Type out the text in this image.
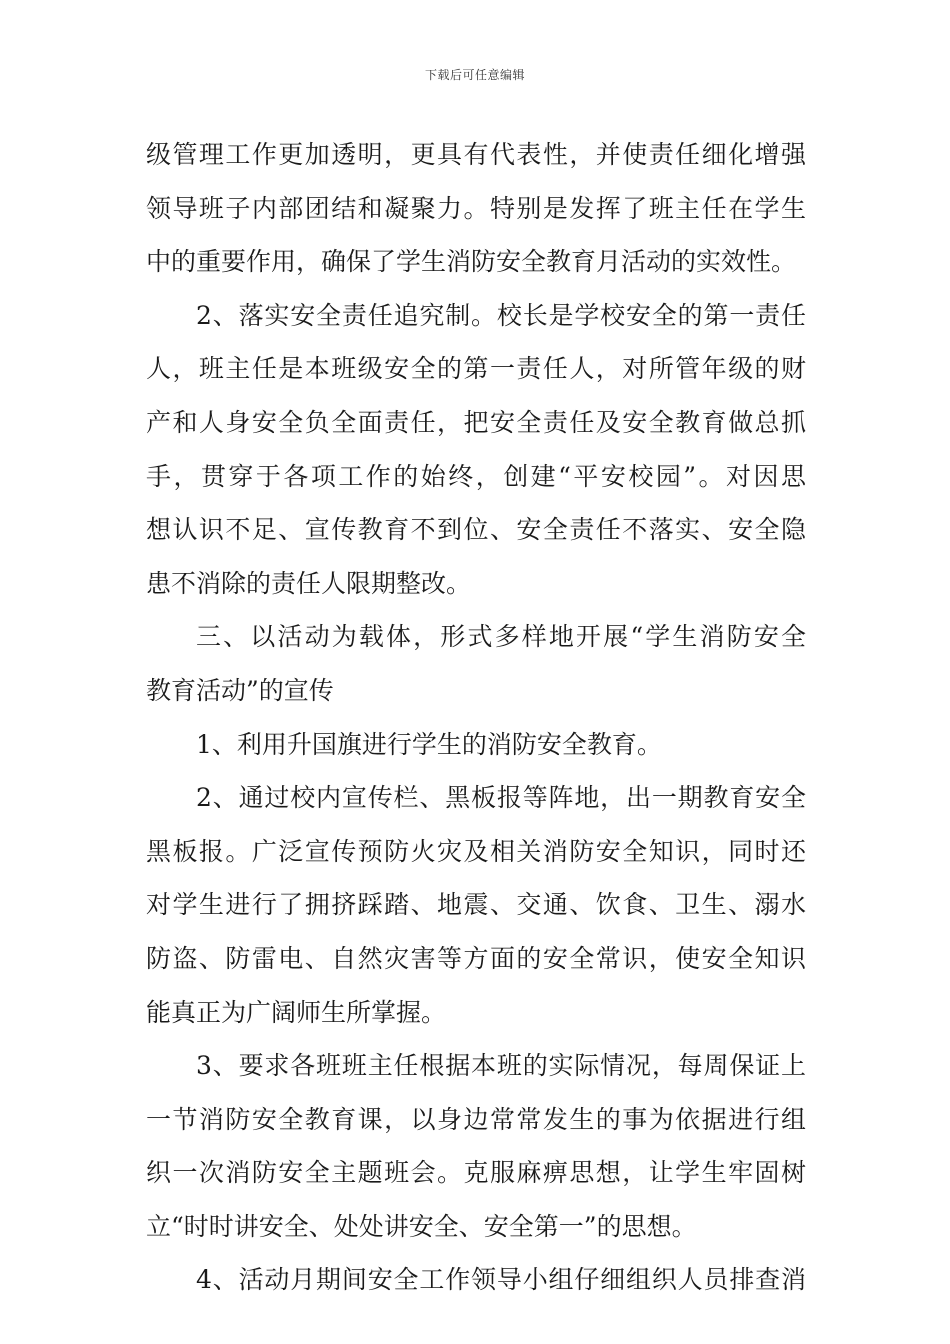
下载后可任意编辑
级管理工作更加透明，更具有代表性，并使责任细化增强
领导班子内部团结和凝聚力。特别是发挥了班主任在学生
中的重要作用，确保了学生消防安全教育月活动的实效性。
2、落实安全责任追究制。校长是学校安全的第一责任
人，班主任是本班级安全的第一责任人，对所管年级的财
产和人身安全负全面责任，把安全责任及安全教育做总抓
手，贯穿于各项工作的始终，创建“平安校园”。对因思
想认识不足、宣传教育不到位、安全责任不落实、安全隐
患不消除的责任人限期整改。
三、以活动为载体，形式多样地开展“学生消防安全
教育活动”的宣传
1、利用升国旗进行学生的消防安全教育。
2、通过校内宣传栏、黑板报等阵地，出一期教育安全
黑板报。广泛宣传预防火灾及相关消防安全知识，同时还
对学生进行了拥挤踩踏、地震、交通、饮食、卫生、溺水
防盗、防雷电、自然灾害等方面的安全常识，使安全知识
能真正为广阔师生所掌握。
3、要求各班班主任根据本班的实际情况，每周保证上
一节消防安全教育课，以身边常常发生的事为依据进行组
织一次消防安全主题班会。克服麻痹思想，让学生牢固树
立“时时讲安全、处处讲安全、安全第一”的思想。
4、活动月期间安全工作领导小组仔细组织人员排查消
